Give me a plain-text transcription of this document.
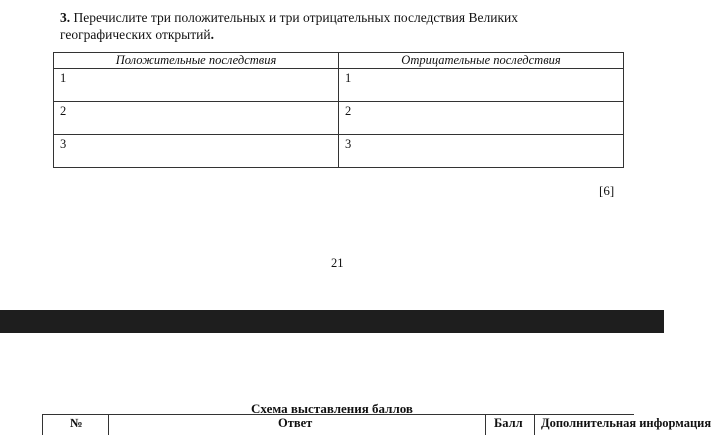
3. Перечислите три положительных и три отрицательных последствия Великих географических открытий.
Положительные последствия	Отрицательные последствия
1	1
2	2
3	3
[6]
21
Схема выставления баллов
№	Ответ	Балл	Дополнительная информация
